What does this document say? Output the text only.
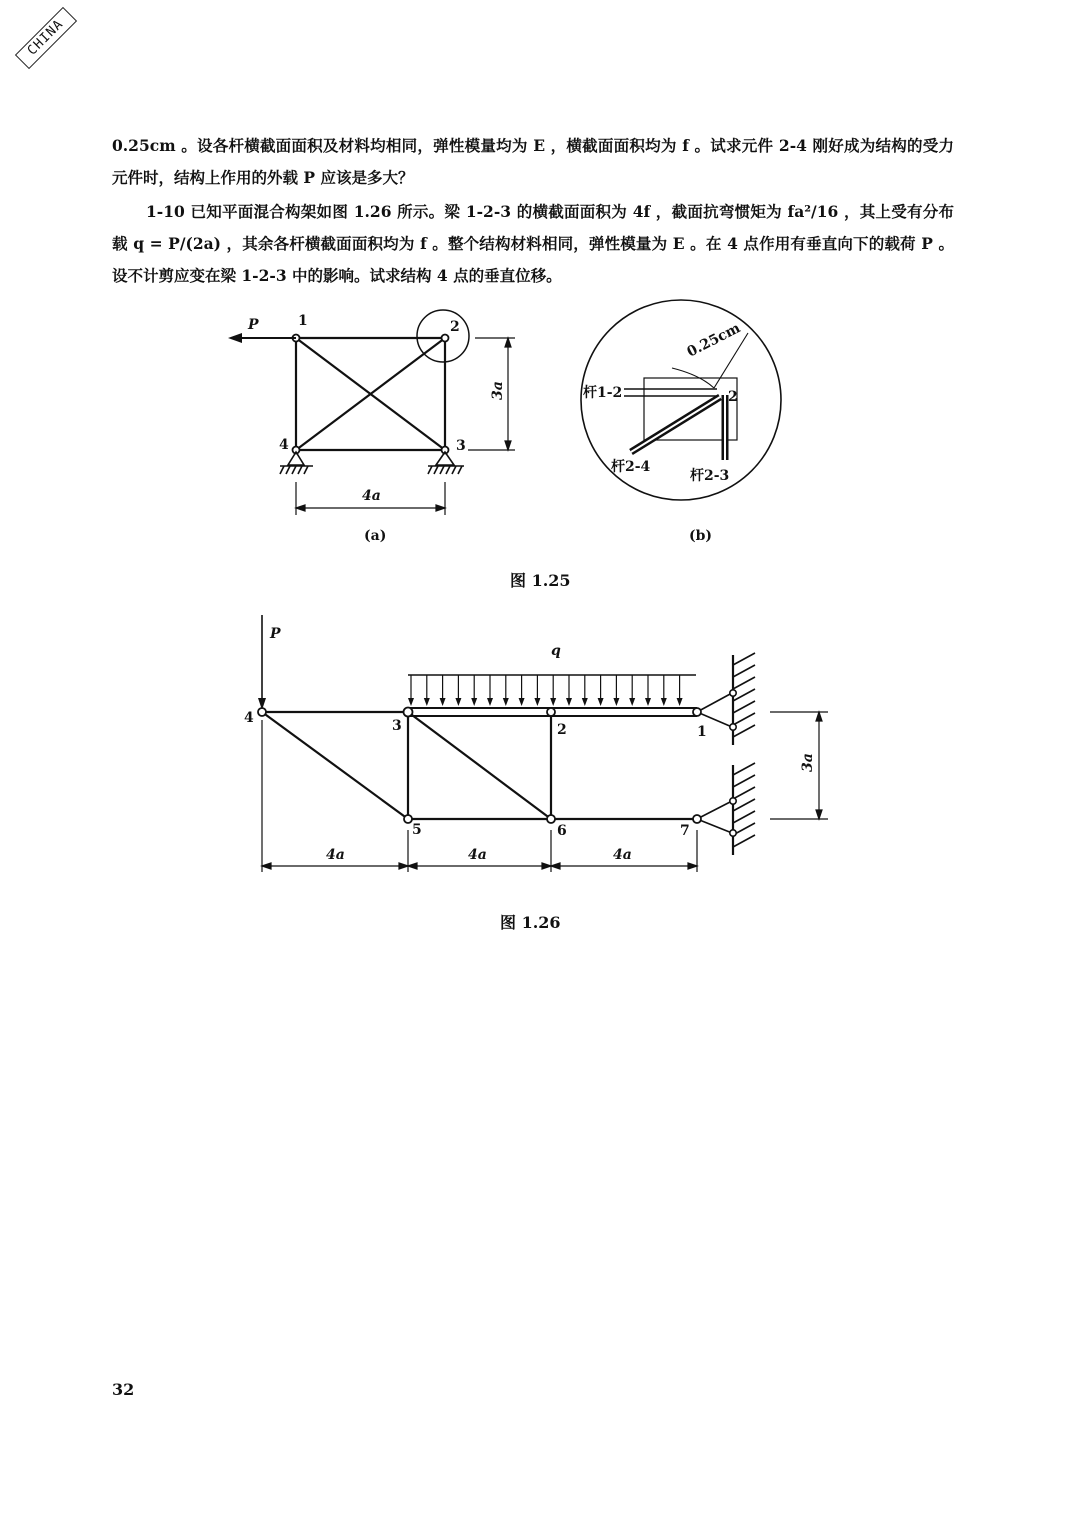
CHINA
0.25cm 。设各杆横截面面积及材料均相同，弹性模量均为 E ，横截面面积均为 f 。试求元件 2-4 刚好成为结构的受力元件时，结构上作用的外载 P 应该是多大？
1-10 已知平面混合构架如图 1.26 所示。梁 1-2-3 的横截面面积为 4f ，截面抗弯惯矩为 fa²/16 ，其上受有分布载 q = P/(2a) ，其余各杆横截面面积均为 f 。整个结构材料相同，弹性模量为 E 。在 4 点作用有垂直向下的载荷 P 。设不计剪应变在梁 1-2-3 中的影响。试求结构 4 点的垂直位移。
P	1	2
3
4
3a
4a
(a)
0.25cm
2
杆1-2
杆2-4
杆2-3
(b)
P
q
1
2
3
4
5	6	7
3a
4a	4a	4a
图 1.25
图 1.26
32
